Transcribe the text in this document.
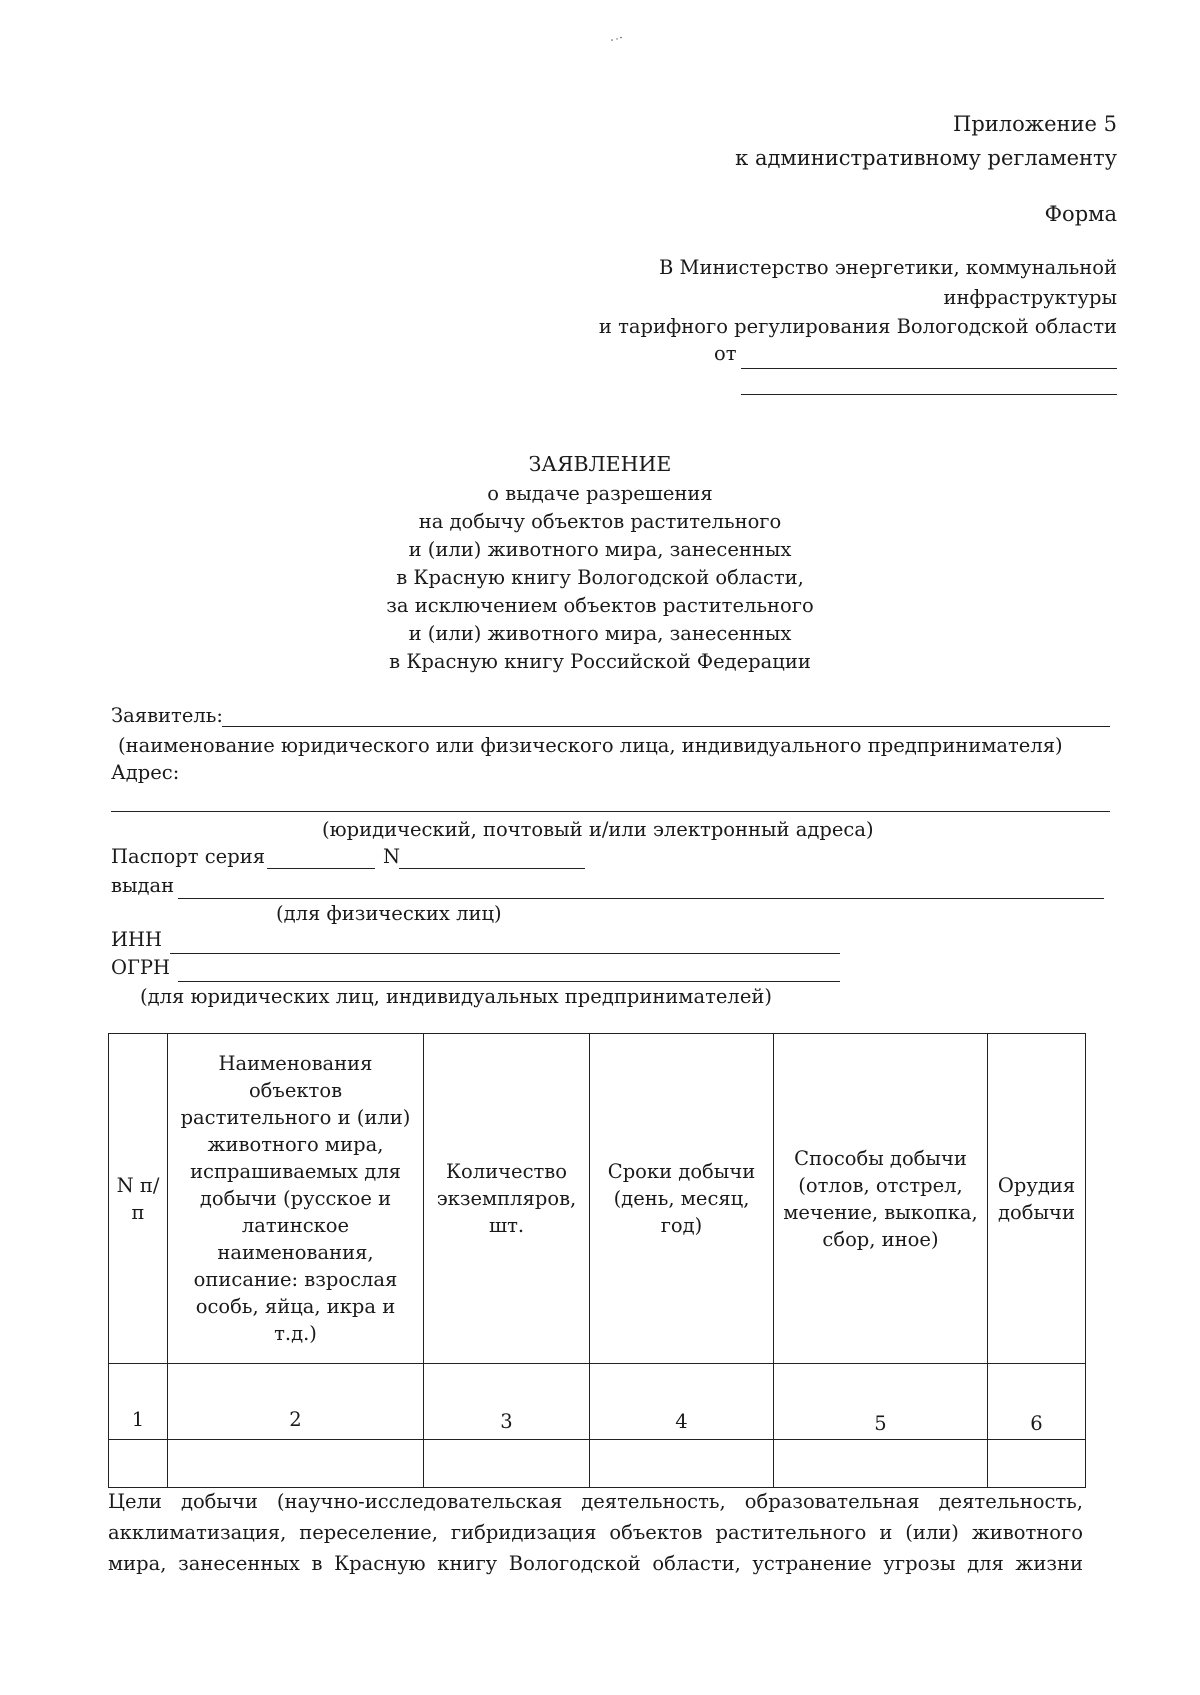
Приложение 5
к административному регламенту
Форма
В Министерство энергетики, коммунальной
инфраструктуры
и тарифного регулирования Вологодской области
от
ЗАЯВЛЕНИЕ
о выдаче разрешения
на добычу объектов растительного
и (или) животного мира, занесенных
в Красную книгу Вологодской области,
за исключением объектов растительного
и (или) животного мира, занесенных
в Красную книгу Российской Федерации
Заявитель:
(наименование юридического или физического лица, индивидуального предпринимателя)
Адрес:
(юридический, почтовый и/или электронный адреса)
Паспорт серия	N
выдан
(для физических лиц)
ИНН
ОГРН
(для юридических лиц, индивидуальных предпринимателей)
N п/п	Наименования объектов растительного и (или) животного мира, испрашиваемых для добычи (русское и латинское наименования, описание: взрослая особь, яйца, икра и т.д.)	Количество экземпляров, шт.	Сроки добычи (день, месяц, год)	Способы добычи (отлов, отстрел, мечение, выкопка, сбор, иное)	Орудия добычи
1	2	3	4	5	6

Цели добычи (научно-исследовательская деятельность, образовательная деятельность,
акклиматизация, переселение, гибридизация объектов растительного и (или) животного
мира, занесенных в Красную книгу Вологодской области, устранение угрозы для жизни
